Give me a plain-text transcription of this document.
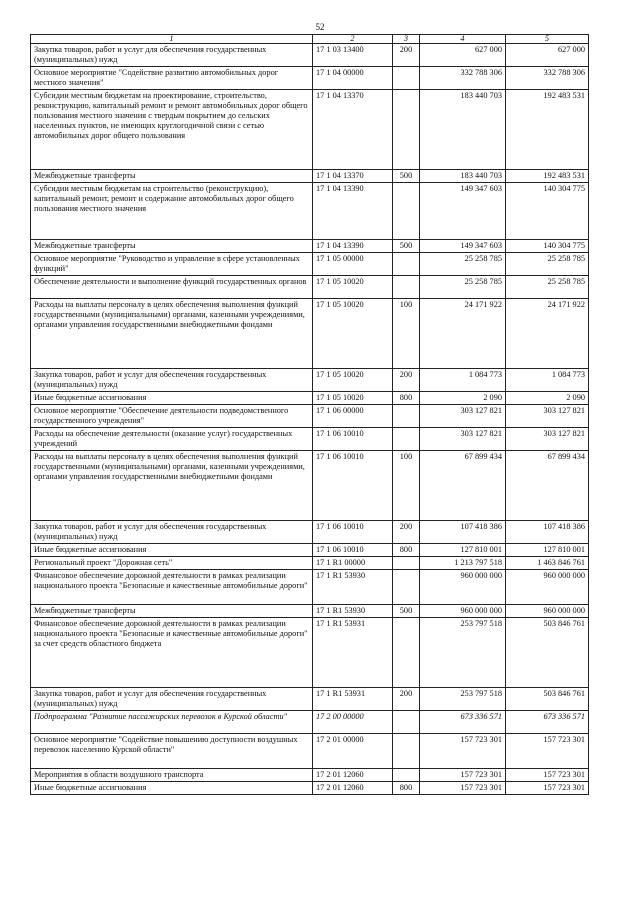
52
1	2	3	4	5
Закупка товаров, работ и услуг для обеспечения государственных (муниципальных) нужд	17 1 03 13400	200	627 000	627 000
Основное мероприятие "Содействие развитию автомобильных дорог местного значения"	17 1 04 00000		332 788 306	332 788 306
Субсидии местным бюджетам на проектирование, строительство, реконструкцию, капитальный ремонт и ремонт автомобильных дорог общего пользования местного значения с твердым покрытием до сельских населенных пунктов, не имеющих круглогодичной связи с сетью автомобильных дорог общего пользования	17 1 04 13370		183 440 703	192 483 531
Межбюджетные трансферты	17 1 04 13370	500	183 440 703	192 483 531
Субсидии местным бюджетам на строительство (реконструкцию), капитальный ремонт, ремонт и содержание автомобильных дорог общего пользования местного значения	17 1 04 13390		149 347 603	140 304 775
Межбюджетные трансферты	17 1 04 13390	500	149 347 603	140 304 775
Основное мероприятие "Руководство и управление в сфере установленных функций"	17 1 05 00000		25 258 785	25 258 785
Обеспечение деятельности и выполнение функций государственных органов	17 1 05 10020		25 258 785	25 258 785
Расходы на выплаты персоналу в целях обеспечения выполнения функций государственными (муниципальными) органами, казенными учреждениями, органами управления государственными внебюджетными фондами	17 1 05 10020	100	24 171 922	24 171 922
Закупка товаров, работ и услуг для обеспечения государственных (муниципальных) нужд	17 1 05 10020	200	1 084 773	1 084 773
Иные бюджетные ассигнования	17 1 05 10020	800	2 090	2 090
Основное мероприятие "Обеспечение деятельности подведомственного государственного учреждения"	17 1 06 00000		303 127 821	303 127 821
Расходы на обеспечение деятельности (оказание услуг) государственных учреждений	17 1 06 10010		303 127 821	303 127 821
Расходы на выплаты персоналу в целях обеспечения выполнения функций государственными (муниципальными) органами, казенными учреждениями, органами управления государственными внебюджетными фондами	17 1 06 10010	100	67 899 434	67 899 434
Закупка товаров, работ и услуг для обеспечения государственных (муниципальных) нужд	17 1 06 10010	200	107 418 386	107 418 386
Иные бюджетные ассигнования	17 1 06 10010	800	127 810 001	127 810 001
Региональный проект "Дорожная сеть"	17 1 R1 00000		1 213 797 518	1 463 846 761
Финансовое обеспечение дорожной деятельности в рамках реализации национального проекта "Безопасные и качественные автомобильные дороги"	17 1 R1 53930		960 000 000	960 000 000
Межбюджетные трансферты	17 1 R1 53930	500	960 000 000	960 000 000
Финансовое обеспечение дорожной деятельности в рамках реализации национального проекта "Безопасные и качественные автомобильные дороги" за счет средств областного бюджета	17 1 R1 53931		253 797 518	503 846 761
Закупка товаров, работ и услуг для обеспечения государственных (муниципальных) нужд	17 1 R1 53931	200	253 797 518	503 846 761
Подпрограмма "Развитие пассажирских перевозок в Курской области"	17 2 00 00000		673 336 571	673 336 571
Основное мероприятие "Содействие повышению доступности воздушных перевозок населению Курской области"	17 2 01 00000		157 723 301	157 723 301
Мероприятия в области воздушного транспорта	17 2 01 12060		157 723 301	157 723 301
Иные бюджетные ассигнования	17 2 01 12060	800	157 723 301	157 723 301
